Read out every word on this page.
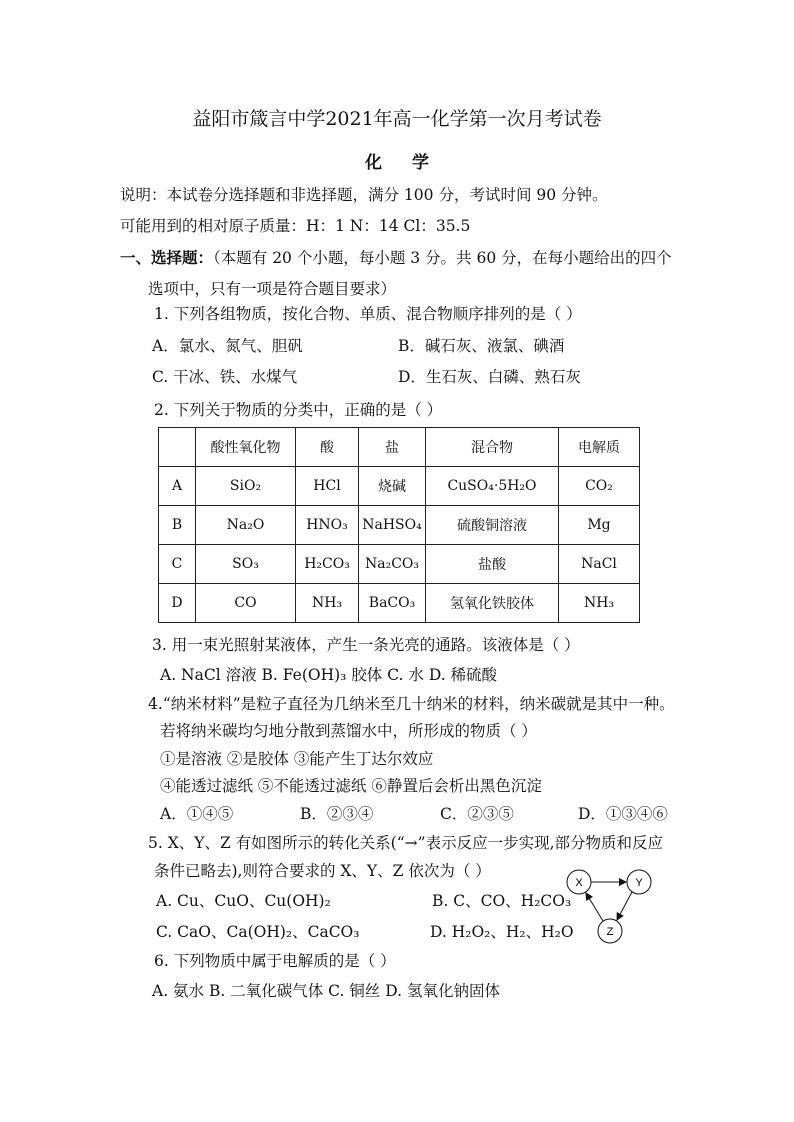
益阳市箴言中学2021年高一化学第一次月考试卷
化学
说明：本试卷分选择题和非选择题，满分 100 分，考试时间 90 分钟。
可能用到的相对原子质量：H：1 N：14 Cl：35.5
一、选择题：（本题有 20 个小题，每小题 3 分。共 60 分，在每小题给出的四个
选项中，只有一项是符合题目要求）
1. 下列各组物质，按化合物、单质、混合物顺序排列的是（ ）
A．氯水、氮气、胆矾	B．碱石灰、液氯、碘酒
C. 干冰、铁、水煤气	D．生石灰、白磷、熟石灰
2. 下列关于物质的分类中，正确的是（ ）
	酸性氧化物	酸	盐	混合物	电解质
A	SiO₂	HCl	烧碱	CuSO₄·5H₂O	CO₂
B	Na₂O	HNO₃	NaHSO₄	硫酸铜溶液	Mg
C	SO₃	H₂CO₃	Na₂CO₃	盐酸	NaCl
D	CO	NH₃	BaCO₃	氢氧化铁胶体	NH₃
3. 用一束光照射某液体，产生一条光亮的通路。该液体是（ ）
A. NaCl 溶液 B. Fe(OH)₃ 胶体 C. 水 D. 稀硫酸
4.“纳米材料”是粒子直径为几纳米至几十纳米的材料，纳米碳就是其中一种。
若将纳米碳均匀地分散到蒸馏水中，所形成的物质（ ）
①是溶液 ②是胶体 ③能产生丁达尔效应
④能透过滤纸 ⑤不能透过滤纸 ⑥静置后会析出黑色沉淀
A．①④⑤	B．②③④	C．②③⑤	D．①③④⑥
5. X、Y、Z 有如图所示的转化关系(“→”表示反应一步实现,部分物质和反应
条件已略去),则符合要求的 X、Y、Z 依次为（ ）
A. Cu、CuO、Cu(OH)₂	B. C、CO、H₂CO₃
C. CaO、Ca(OH)₂、CaCO₃	D. H₂O₂、H₂、H₂O
X	Y
Z
6. 下列物质中属于电解质的是（ ）
A. 氨水 B. 二氧化碳气体 C. 铜丝 D. 氢氧化钠固体
